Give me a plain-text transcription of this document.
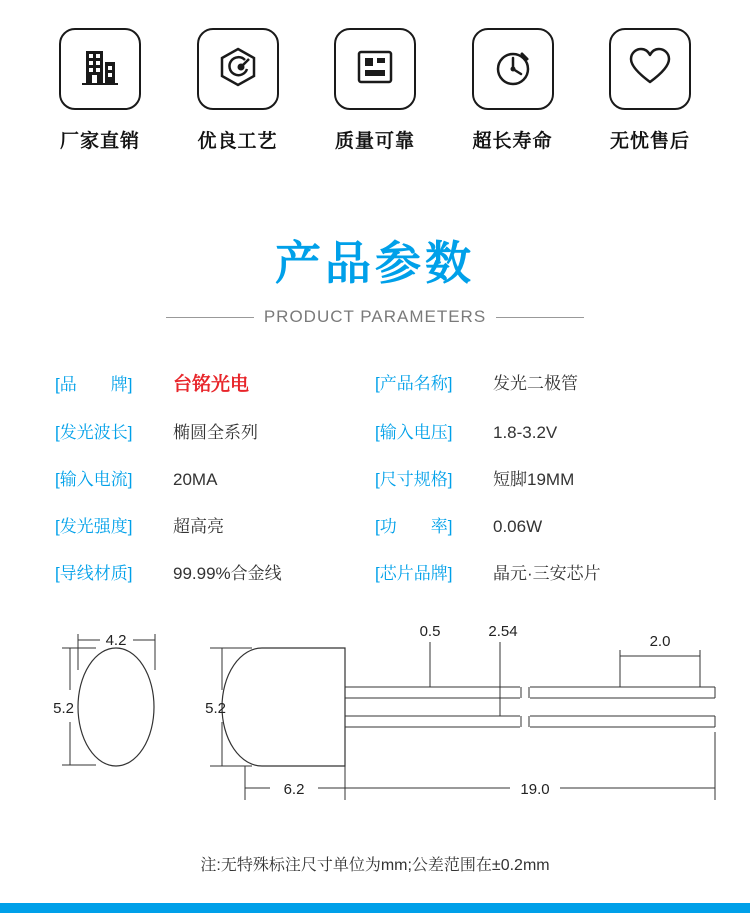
厂家直销	优良工艺	质量可靠	超长寿命	无忧售后
产品参数
PRODUCT PARAMETERS
[品　　牌]	台铭光电	[产品名称]	发光二极管
[发光波长]	椭圆全系列	[输入电压]	1.8-3.2V
[输入电流]	20MA	[尺寸规格]	短脚19MM
[发光强度]	超高亮	[功　　率]	0.06W
[导线材质]	99.99%合金线	[芯片品牌]	晶元·三安芯片
4.2
5.2	5.2
0.5	2.54
2.0
6.2	19.0
注:无特殊标注尺寸单位为mm;公差范围在±0.2mm
